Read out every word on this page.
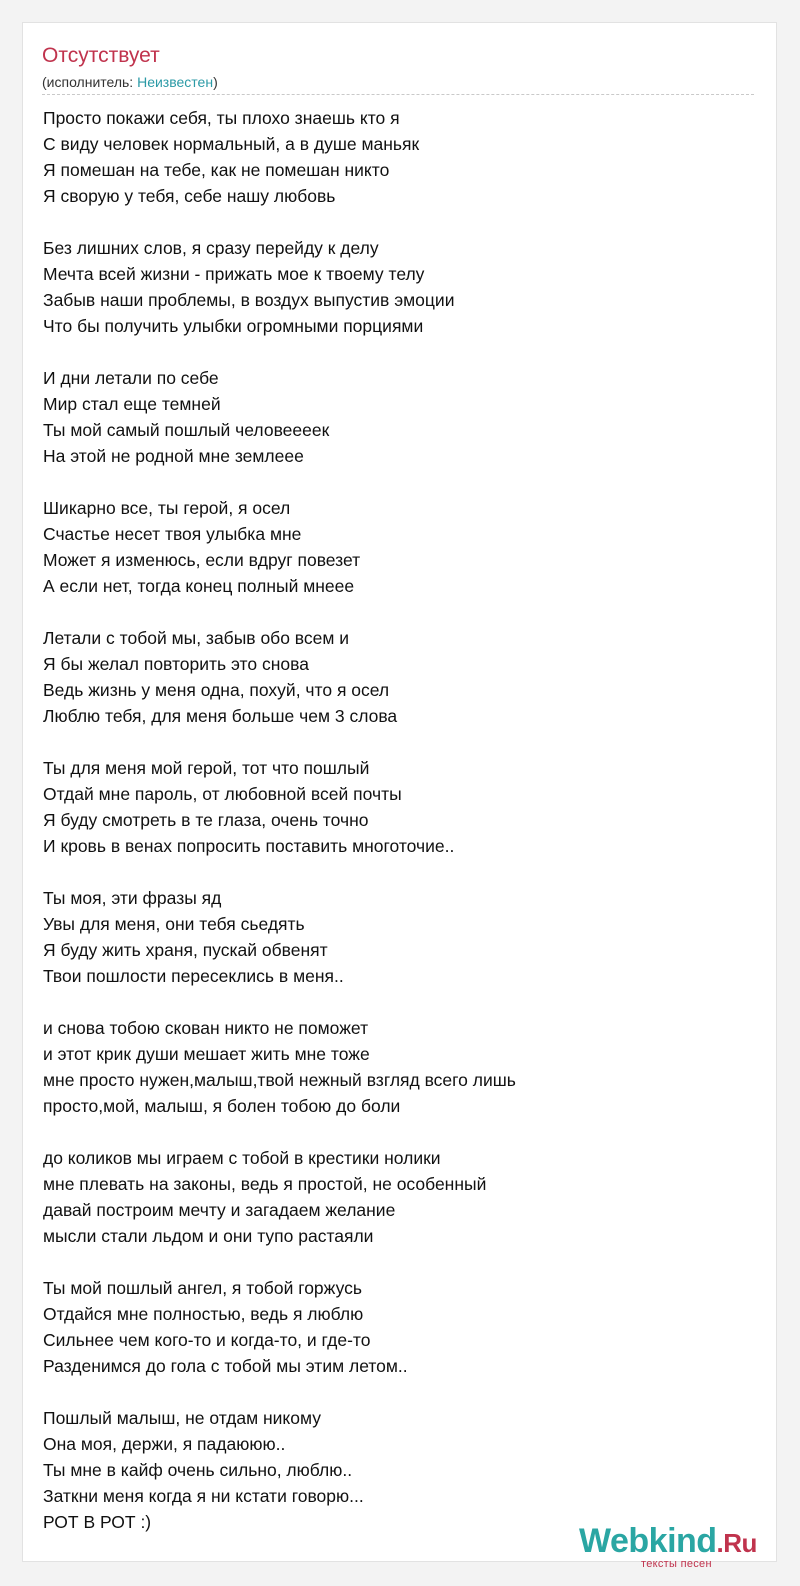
Отсутствует
(исполнитель: Неизвестен)
Просто покажи себя, ты плохо знаешь кто я
С виду человек нормальный, а в душе маньяк
Я помешан на тебе, как не помешан никто
Я сворую у тебя, себе нашу любовь
Без лишних слов, я сразу перейду к делу
Мечта всей жизни - прижать мое к твоему телу
Забыв наши проблемы, в воздух выпустив эмоции
Что бы получить улыбки огромными порциями
И дни летали по себе
Мир стал еще темней
Ты мой самый пошлый человеееек
На этой не родной мне землеее
Шикарно все, ты герой, я осел
Счастье несет твоя улыбка мне
Может я изменюсь, если вдруг повезет
А если нет, тогда конец полный мнеее
Летали с тобой мы, забыв обо всем и
Я бы желал повторить это снова
Ведь жизнь у меня одна, похуй, что я осел
Люблю тебя, для меня больше чем 3 слова
Ты для меня мой герой, тот что пошлый
Отдай мне пароль, от любовной всей почты
Я буду смотреть в те глаза, очень точно
И кровь в венах попросить поставить многоточие..
Ты моя, эти фразы яд
Увы для меня, они тебя сьедять
Я буду жить храня, пускай обвенят
Твои пошлости пересеклись в меня..
и снова тобою скован никто не поможет
и этот крик души мешает жить мне тоже
мне просто нужен,малыш,твой нежный взгляд всего лишь
просто,мой, малыш, я болен тобою до боли
до коликов мы играем с тобой в крестики нолики
мне плевать на законы, ведь я простой, не особенный
давай построим мечту и загадаем желание
мысли стали льдом и они тупо растаяли
Ты мой пошлый ангел, я тобой горжусь
Отдайся мне полностью, ведь я люблю
Сильнее чем кого-то и когда-то, и где-то
Разденимся до гола с тобой мы этим летом..
Пошлый малыш, не отдам никому
Она моя, держи, я падаююю..
Ты мне в кайф очень сильно, люблю..
Заткни меня когда я ни кстати говорю...
РОТ В РОТ :)	Webkind.Ru
тексты песен
